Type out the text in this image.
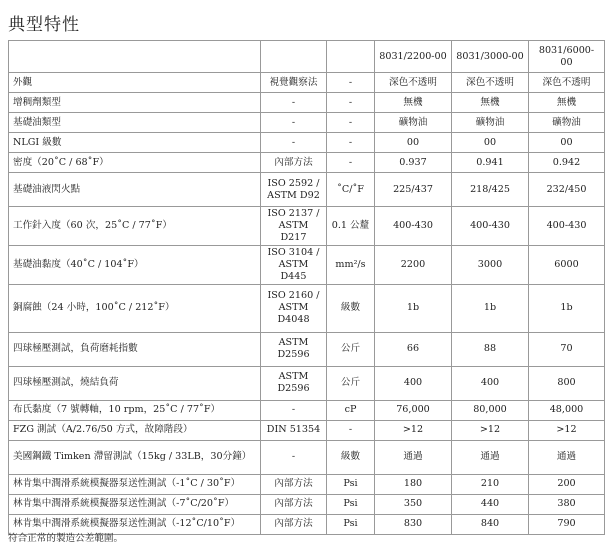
典型特性
			8031/2200-00	8031/3000-00	8031/6000-00
外觀	視覺觀察法	-	深色不透明	深色不透明	深色不透明
增稠劑類型	-	-	無機	無機	無機
基礎油類型	-	-	礦物油	礦物油	礦物油
NLGI 級數	-	-	00	00	00
密度（20˚C / 68˚F）	內部方法	-	0.937	0.941	0.942
基礎油液閃火點	ISO 2592 / ASTM D92	˚C/˚F	225/437	218/425	232/450
工作針入度（60 次，25˚C / 77˚F）	ISO 2137 / ASTM D217	0.1 公釐	400-430	400-430	400-430
基礎油黏度（40˚C / 104˚F）	ISO 3104 / ASTM D445	mm²/s	2200	3000	6000
銅腐蝕（24 小時，100˚C / 212˚F）	ISO 2160 / ASTM D4048	級數	1b	1b	1b
四球極壓測試，負荷磨耗指數	ASTM D2596	公斤	66	88	70
四球極壓測試，燒結負荷	ASTM D2596	公斤	400	400	800
布氏黏度（7 號轉軸，10 rpm，25˚C / 77˚F）	-	cP	76,000	80,000	48,000
FZG 測試（A/2.76/50 方式，故障階段）	DIN 51354	-	>12	>12	>12
美國鋼鐵 Timken 滯留測試（15kg / 33LB，30分鐘）	-	級數	通過	通過	通過
林肯集中潤滑系統模擬器泵送性測試（-1˚C / 30˚F）	內部方法	Psi	180	210	200
林肯集中潤滑系統模擬器泵送性測試（-7˚C/20˚F）	內部方法	Psi	350	440	380
林肯集中潤滑系統模擬器泵送性測試（-12˚C/10˚F）	內部方法	Psi	830	840	790
符合正常的製造公差範圍。
